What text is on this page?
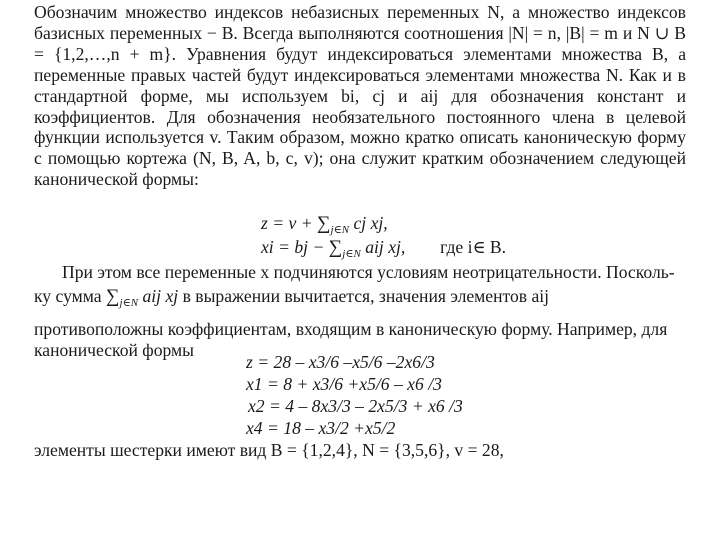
Обозначим множество индексов небазисных переменных N, а множество индексов базисных переменных − B. Всегда выполняются соотношения |N| = n, |B| = m и N ∪ B = {1,2,…,n + m}. Уравнения будут индексироваться элементами множества B, а переменные правых частей будут индексироваться элементами множества N. Как и в стандартной форме, мы используем bi, cj и aij для обозначения констант и коэффициентов. Для обозначения необязательного постоянного члена в целевой функции используется v. Таким образом, можно кратко описать каноническую форму с помощью кортежа (N, B, A, b, c, v); она служит кратким обозначением следующей канонической формы:
$z = \nu + \sum_{j\in N}$ cj xj,
xi = bj − $\sum_{j\in N}$ aij xj, где i∈ B.
При этом все переменные x подчиняются условиям неотрицательности. Посколь-
ку сумма $\sum_{j\in N}$ aij xj в выражении вычитается, значения элементов aij
противоположны коэффициентам, входящим в каноническую форму. Например, для
канонической формы
z = 28 – x3/6 –x5/6 –2x6/3
x1 = 8 + x3/6 +x5/6 – x6 /3
x2 = 4 – 8x3/3 – 2x5/3 + x6 /3
x4 = 18 – x3/2 +x5/2
элементы шестерки имеют вид B = {1,2,4}, N = {3,5,6}, v = 28,
